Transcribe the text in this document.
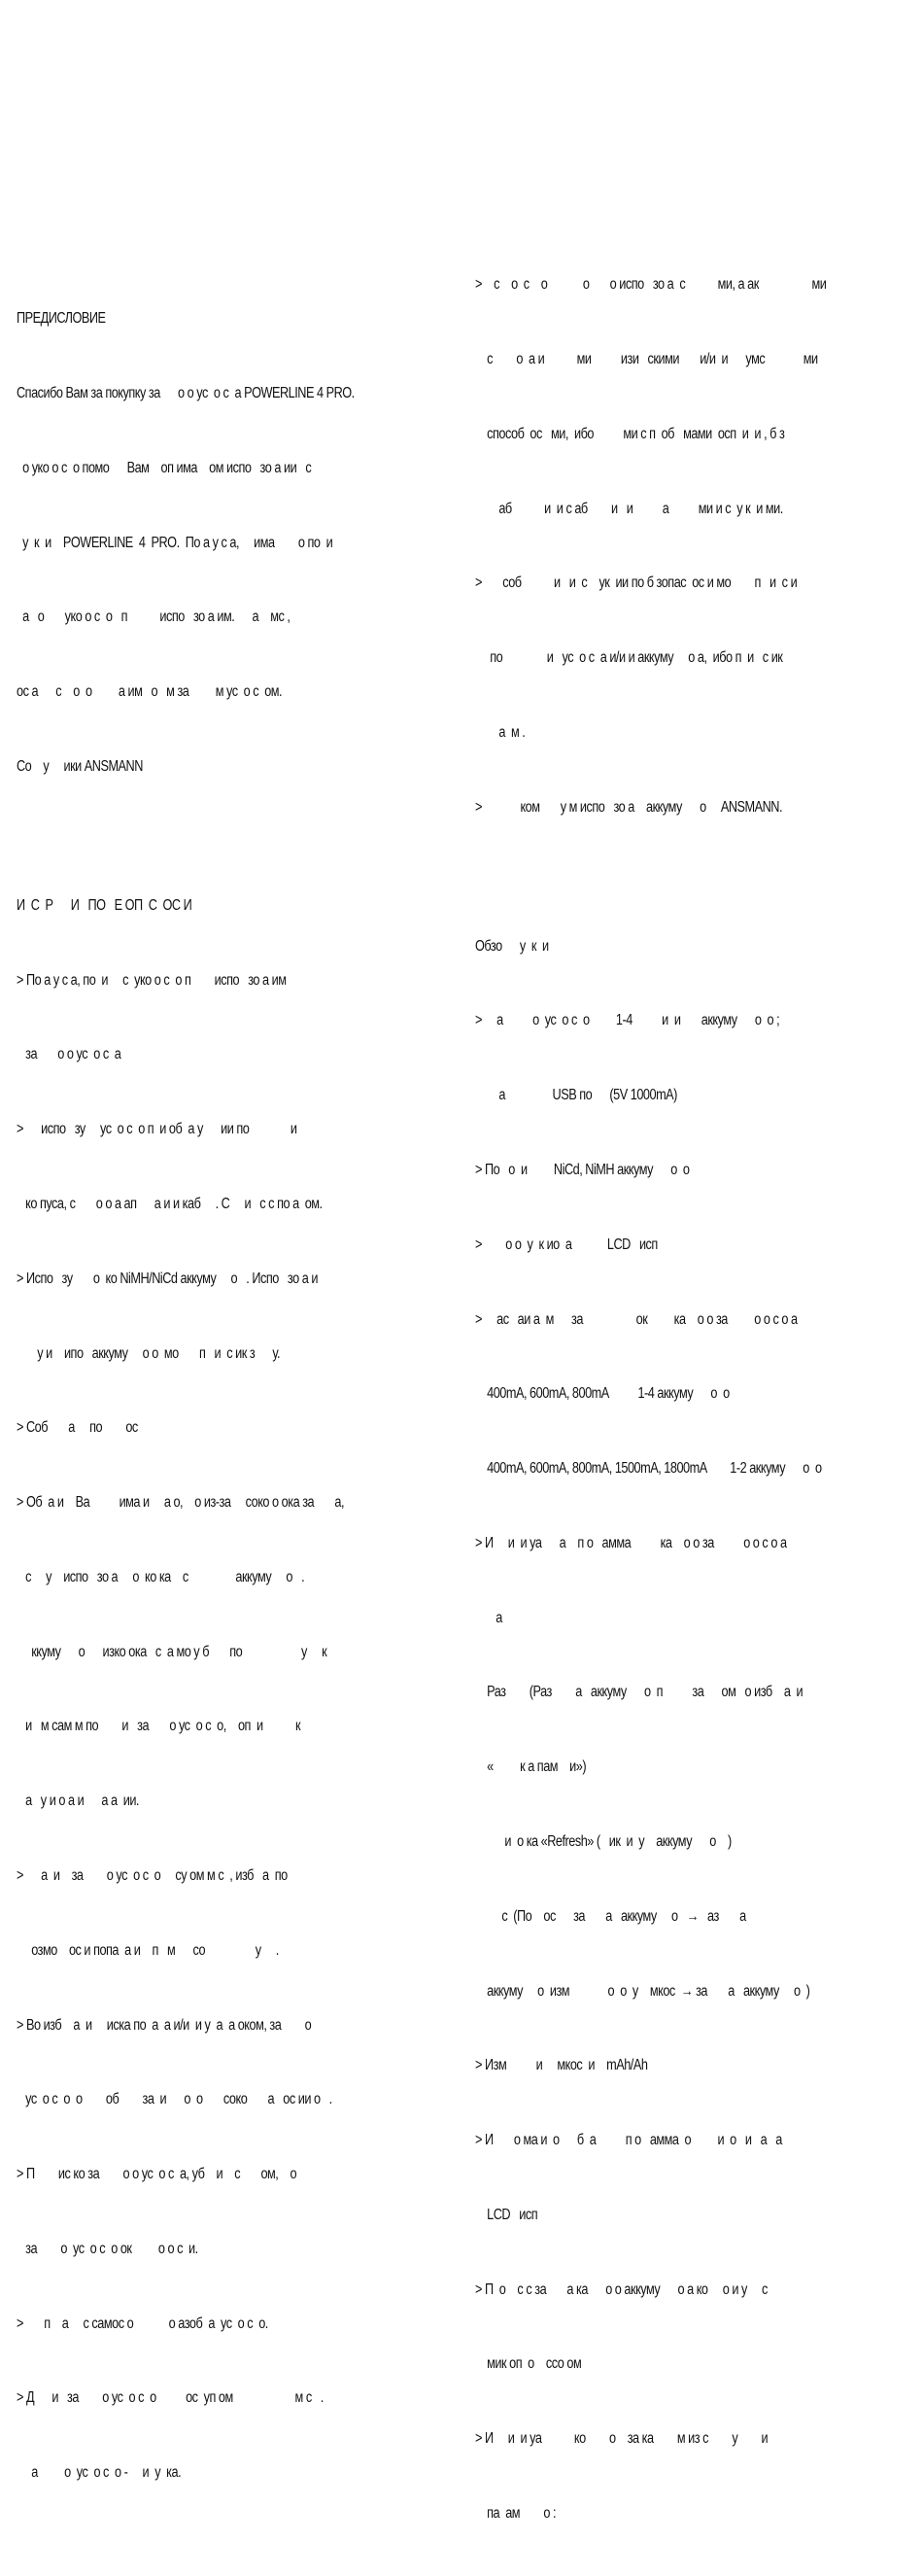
ПРЕДИСЛОВИЕ

Спасибо Вам за покупку за      о о ус  о с  а POWERLINE 4 PRO.

о уко о с  о помо      Вам    оп има    ом испо   зо а ии   с

у  к  и    POWERLINE  4  PRO.  По а у с а,     има        о по  и

а   о       уко о с  о   п           испо   зо а им.      а    мс ,

ос а      с    о  о         а им   о   м за         м ус  о с  ом.

Со    у     ики ANSMANN

И  С  Р      И   ПО   Е ОП  С  ОС И

> По а у с а, по  и     с  уко о с  о п        испо   зо а им

за       о о ус  о с  а

>      испо   зу     ус  о с  о п  и об  а у      ии по              и

ко пуса, с       о о а ап      а и и каб     . С     и   с с по а  ом.

> Испо   зу       о  ко NiMH/NiCd аккуму     о   . Испо   зо а и

у и    ипо   аккуму     о о  мо       п   и  с ик з      у.

> Соб       а     по        ос

> Об  а и    Ва          има и     а о,    о из-за     соко о ока за       а,

с     у    испо   зо а     о  ко ка    с                аккуму     о   .

ккуму      о      изко ока   с  а мо у б       по                    у     к

и   м сам м по        и   за       о ус  о с  о,    оп  и           к

а   у и о а и      а а  ии.

>      а  и    за        о ус  о с  о     су ом м с  , изб   а  по

озмо    ос и попа  а и    п   м      со                 у     .

> Во изб    а  и     иска по  а  а и/и  и у  а  а оком, за        о

ус  о с  о  о        об        за  и      о  о       соко       а   ос ии о   .

> П        ис ко за        о о ус  о с  а, уб    и    с       ом,    о

за        о  ус  о с  о ок         о о с  и.

>       п    а     с самос о            о азоб  а  ус  о с  о.

> Д      и   за        о ус  о с  о          ос  уп ом                     м с   .

а         о  ус  о с  о -     и  у  ка.

>    с    о  с    о            о       о испо   зо а  с           ми, а ак                  ми

с        о  а и           ми          изи   скими       и/и  и      умс             ми

способ  ос   ми,  ибо          ми с п  об   мами  осп  и  и , б з

аб           и  и с аб        и   и          а          ми и с  у к  и ми.

>       соб           и   и  с    ук  ии по б зопас  ос и мо        п   и  с и

по               и   ус  о с  а и/и и аккуму     о а,  ибо п  и   с ик

а  м .

>             ком       у м испо   зо а    аккуму      о     ANSMANN.

Обзо      у  к  и

>     а          о  ус  о с  о         1-4          и  и       аккуму      о  о ;

а                USB по      (5V 1000mA)

> По   о  и         NiCd, NiMH аккуму      о  о

>        о о  у  к ио  а            LCD   исп

>     ас   аи а  м      за                  ок         ка    о о за         о о с о а

400mA, 600mA, 800mA          1-4 аккуму      о  о

400mA, 600mA, 800mA, 1500mA, 1800mA        1-2 аккуму      о  о

> И     и  и уа      а    п о   амма          ка    о о за          о о с о а

а

Раз        (Раз        а   аккуму      о  п          за      ом   о изб    а  и

«         к а пам    и»)

и  о ка «Refresh» (   ик  и  у    аккуму      о    )

с  (По    ос      за       а   аккуму     о   →   аз       а

аккуму     о  изм             о  о  у    мкос  → за       а   аккуму     о  )

> Изм          и     мкос  и    mAh/Ah

> И       о ма и  о      б  а          п о   амма  о         и  о   и   а   а

LCD   исп

> П  о    с с за       а ка      о о аккуму      о а ко     о и у     с

мик оп  о    ссо ом

> И     и  и уа           ко        о    за ка        м из с        у        и

па  ам        о :
